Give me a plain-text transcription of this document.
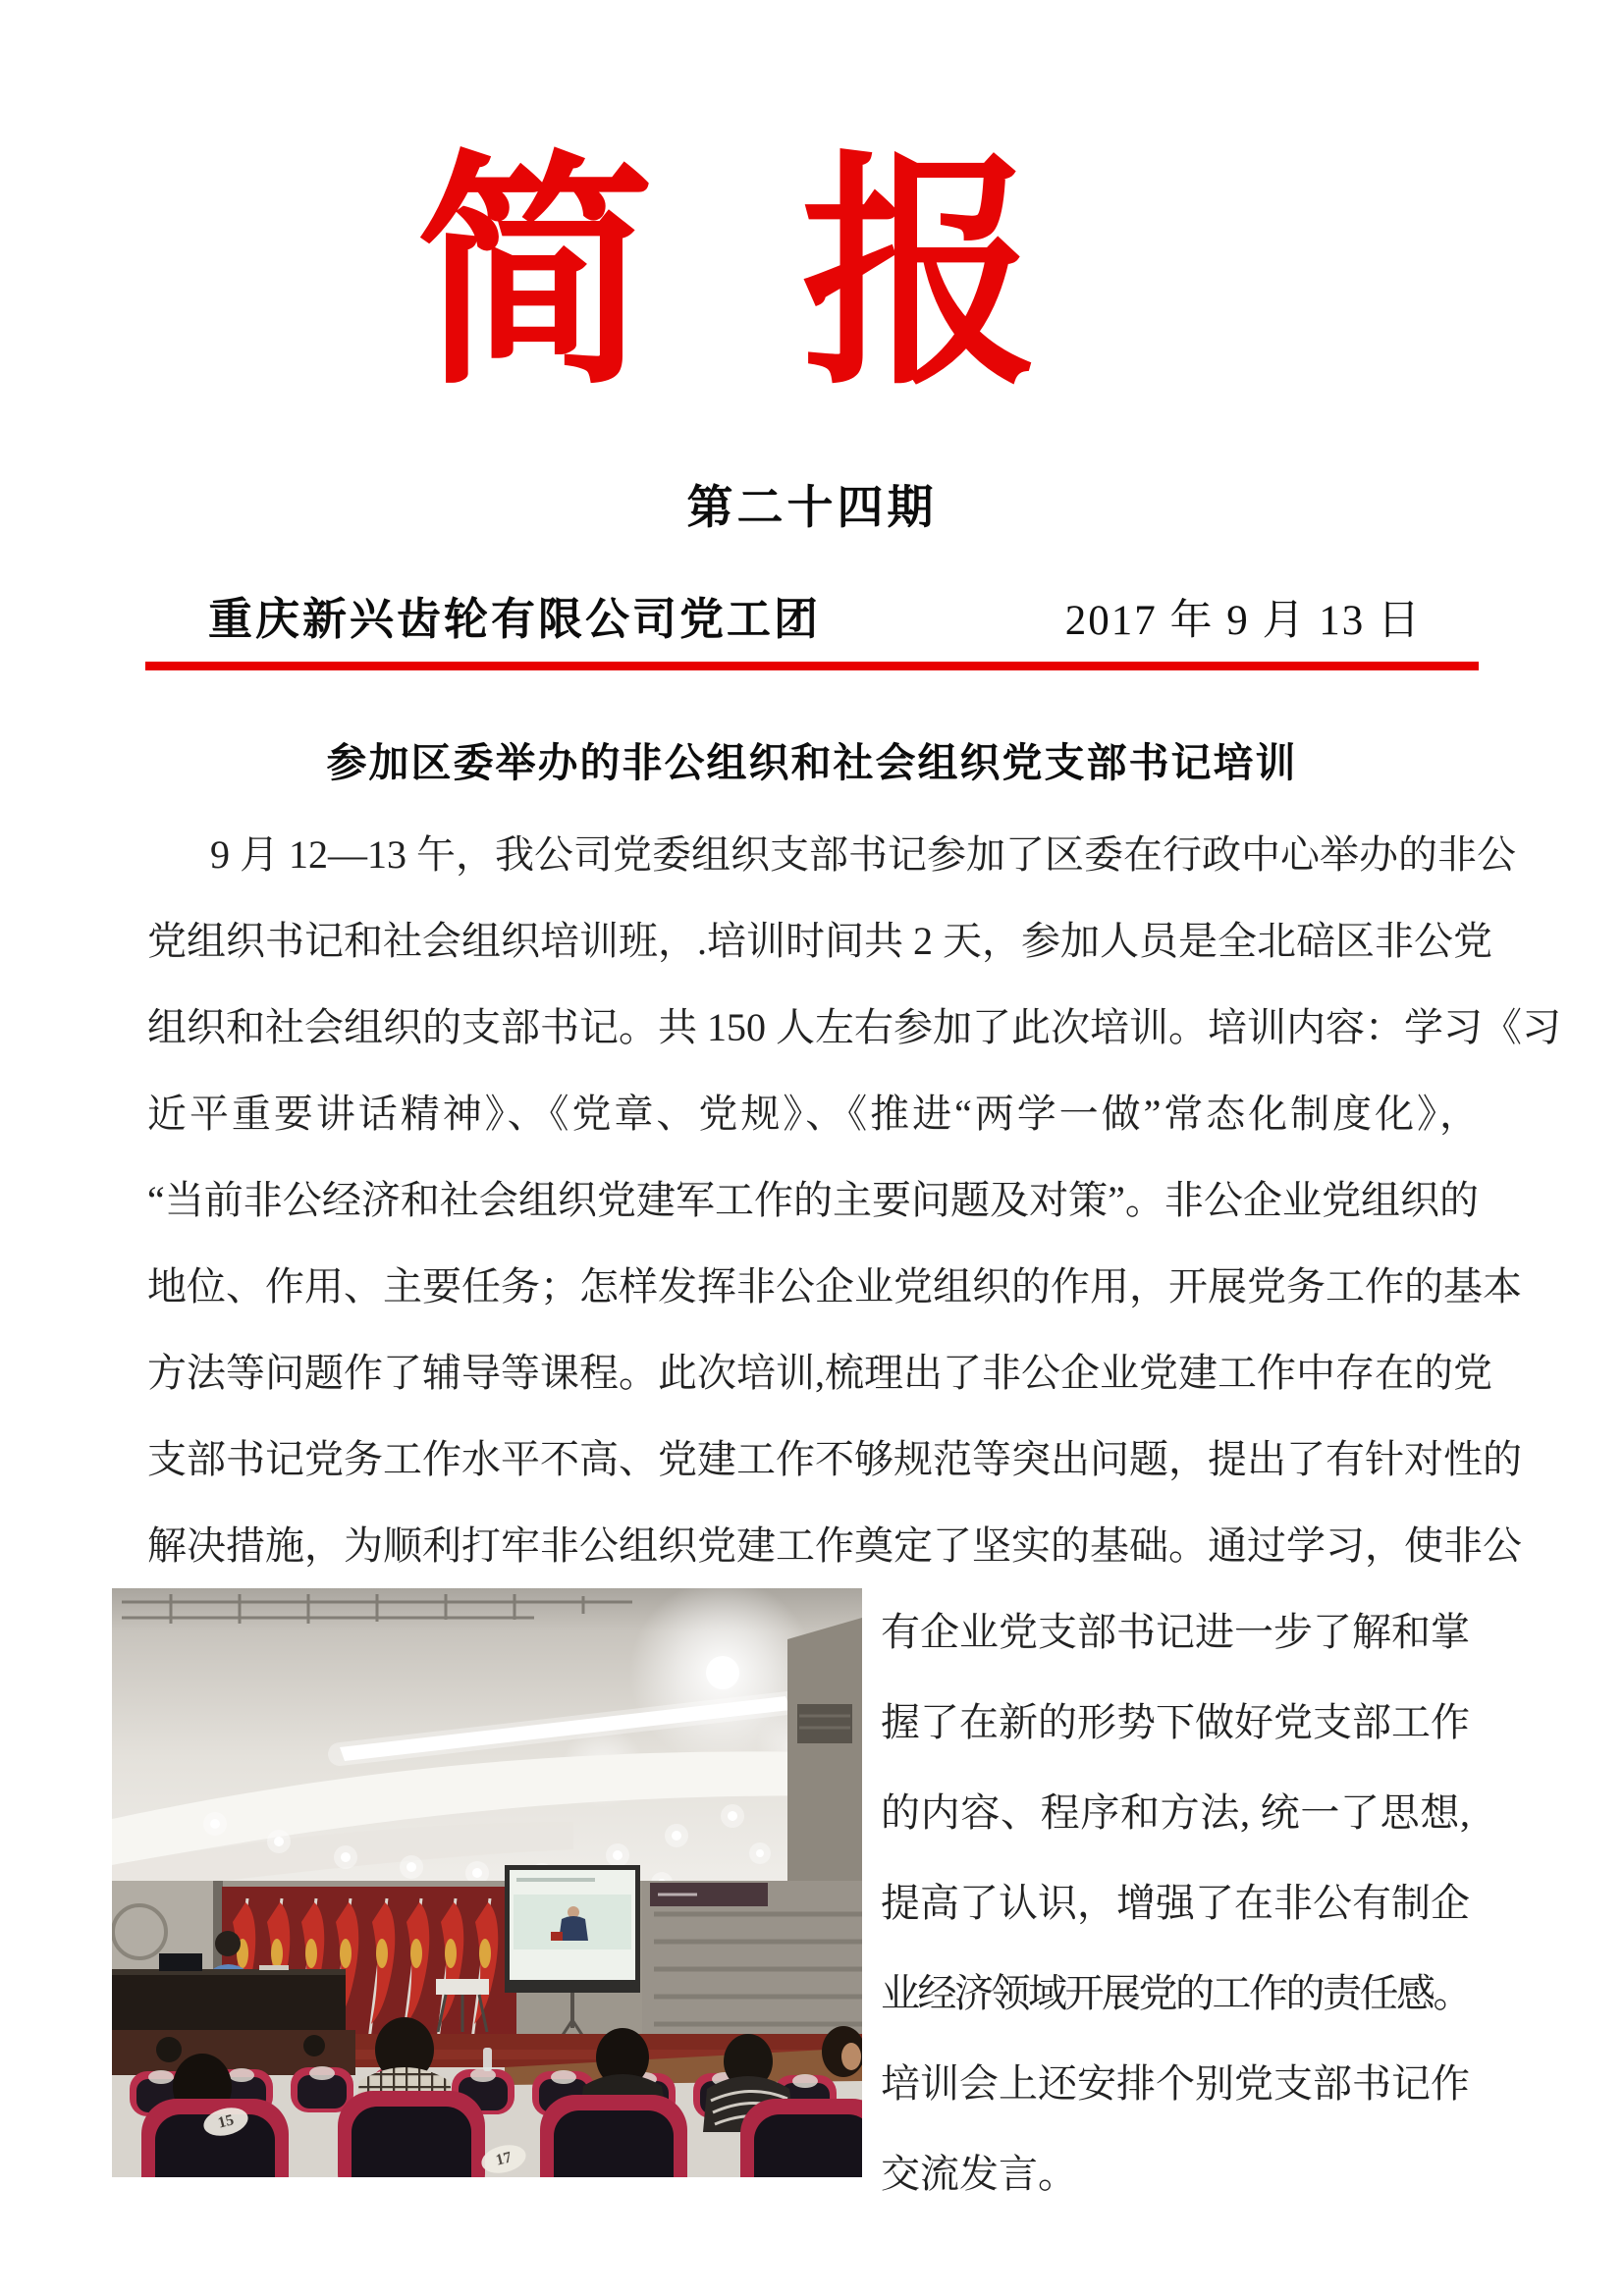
简 报
第二十四期
重庆新兴齿轮有限公司党工团	2017 年 9 月 13 日
参加区委举办的非公组织和社会组织党支部书记培训
9 月 12—13 午，我公司党委组织支部书记参加了区委在行政中心举办的非公
党组织书记和社会组织培训班，.培训时间共 2 天，参加人员是全北碚区非公党
组织和社会组织的支部书记。共 150 人左右参加了此次培训。培训内容：学习《习
近平重要讲话精神》、《党章、党规》、《推进“两学一做”常态化制度化》，
“当前非公经济和社会组织党建军工作的主要问题及对策”。非公企业党组织的
地位、作用、主要任务；怎样发挥非公企业党组织的作用，开展党务工作的基本
方法等问题作了辅导等课程。此次培训,梳理出了非公企业党建工作中存在的党
支部书记党务工作水平不高、党建工作不够规范等突出问题，提出了有针对性的
解决措施，为顺利打牢非公组织党建工作奠定了坚实的基础。通过学习，使非公
15
17
有企业党支部书记进一步了解和掌
握了在新的形势下做好党支部工作
的内容、程序和方法, 统一了思想,
提高了认识，增强了在非公有制企
业经济领域开展党的工作的责任感。
培训会上还安排个别党支部书记作
交流发言。
